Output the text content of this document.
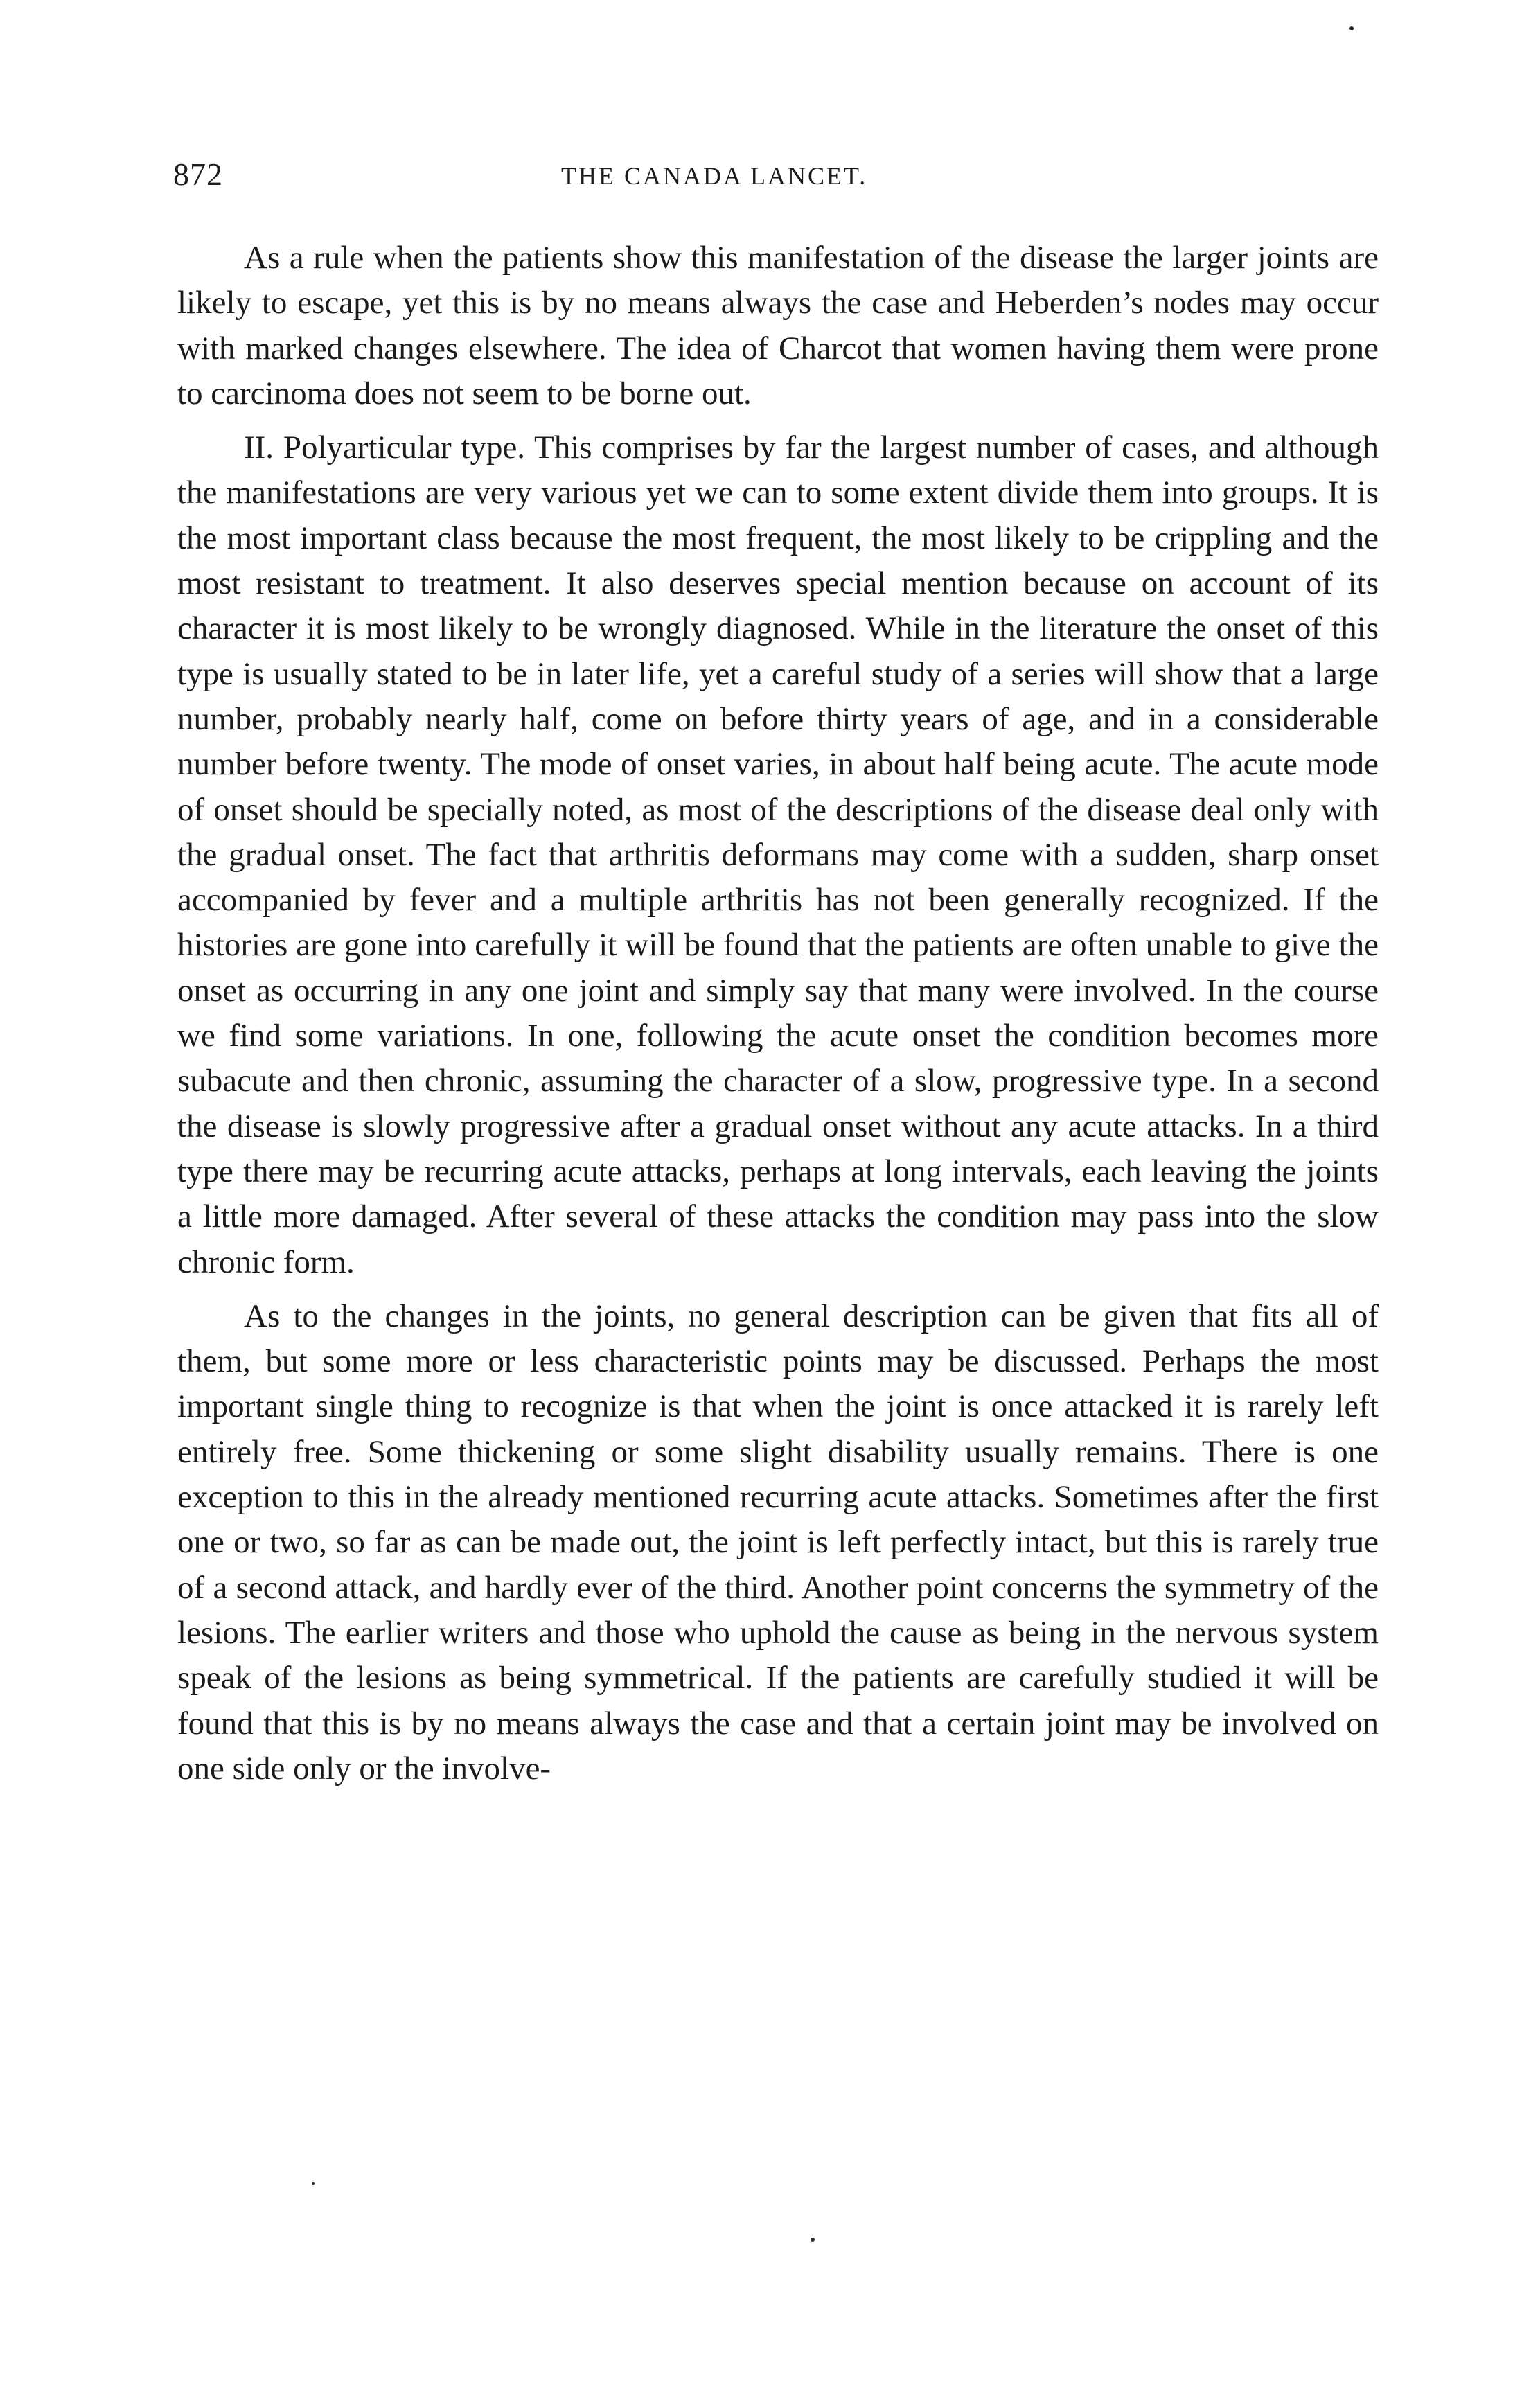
872	THE CANADA LANCET.

As a rule when the patients show this manifestation of the disease the larger joints are likely to escape, yet this is by no means always the case and Heberden’s nodes may occur with marked changes elsewhere. The idea of Charcot that women having them were prone to carcinoma does not seem to be borne out.

II. Polyarticular type. This comprises by far the largest number of cases, and although the manifestations are very various yet we can to some extent divide them into groups. It is the most important class because the most frequent, the most likely to be crippling and the most resistant to treatment. It also deserves special mention because on account of its character it is most likely to be wrongly diagnosed. While in the literature the onset of this type is usually stated to be in later life, yet a careful study of a series will show that a large number, probably nearly half, come on before thirty years of age, and in a considerable number before twenty. The mode of onset varies, in about half being acute. The acute mode of onset should be specially noted, as most of the descriptions of the disease deal only with the gradual onset. The fact that arthritis deformans may come with a sudden, sharp onset accompanied by fever and a multiple arthritis has not been generally recognized. If the histories are gone into carefully it will be found that the patients are often unable to give the onset as occurring in any one joint and simply say that many were involved. In the course we find some variations. In one, following the acute onset the condition becomes more subacute and then chronic, assuming the character of a slow, progressive type. In a second the disease is slowly progressive after a gradual onset without any acute attacks. In a third type there may be recurring acute attacks, perhaps at long intervals, each leaving the joints a little more damaged. After several of these attacks the condition may pass into the slow chronic form.

As to the changes in the joints, no general description can be given that fits all of them, but some more or less characteristic points may be discussed. Perhaps the most important single thing to recognize is that when the joint is once attacked it is rarely left entirely free. Some thickening or some slight disability usually remains. There is one exception to this in the already mentioned recurring acute attacks. Sometimes after the first one or two, so far as can be made out, the joint is left perfectly intact, but this is rarely true of a second attack, and hardly ever of the third. Another point concerns the symmetry of the lesions. The earlier writers and those who uphold the cause as being in the nervous system speak of the lesions as being symmetrical. If the patients are carefully studied it will be found that this is by no means always the case and that a certain joint may be involved on one side only or the involve-
